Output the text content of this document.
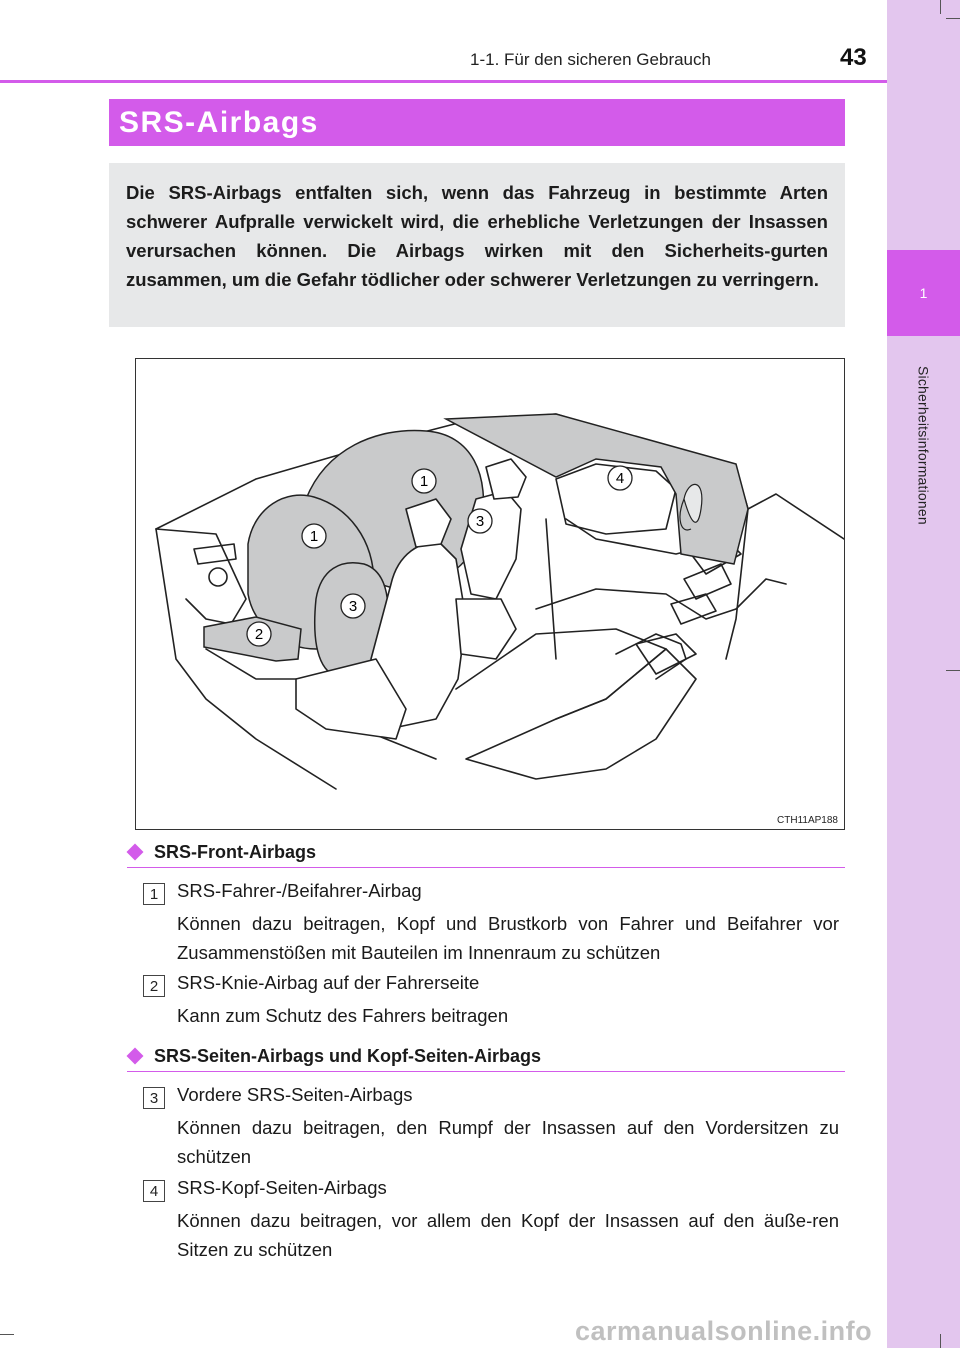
1
Sicherheitsinformationen
1-1. Für den sicheren Gebrauch	43
SRS-Airbags

Die SRS-Airbags entfalten sich, wenn das Fahrzeug in bestimmte Arten schwerer Aufpralle verwickelt wird, die erhebliche Verletzungen der Insassen verursachen können. Die Airbags wirken mit den Sicherheits-gurten zusammen, um die Gefahr tödlicher oder schwerer Verletzungen zu verringern.

1	4
3
1
3
2
CTH11AP188
SRS-Front-Airbags
1	SRS-Fahrer-/Beifahrer-Airbag

Können dazu beitragen, Kopf und Brustkorb von Fahrer und Beifahrer vor Zusammenstößen mit Bauteilen im Innenraum zu schützen

2	SRS-Knie-Airbag auf der Fahrerseite

Kann zum Schutz des Fahrers beitragen

SRS-Seiten-Airbags und Kopf-Seiten-Airbags
3	Vordere SRS-Seiten-Airbags

Können dazu beitragen, den Rumpf der Insassen auf den Vordersitzen zu schützen

4	SRS-Kopf-Seiten-Airbags

Können dazu beitragen, vor allem den Kopf der Insassen auf den äuße-ren Sitzen zu schützen

carmanualsonline.info
